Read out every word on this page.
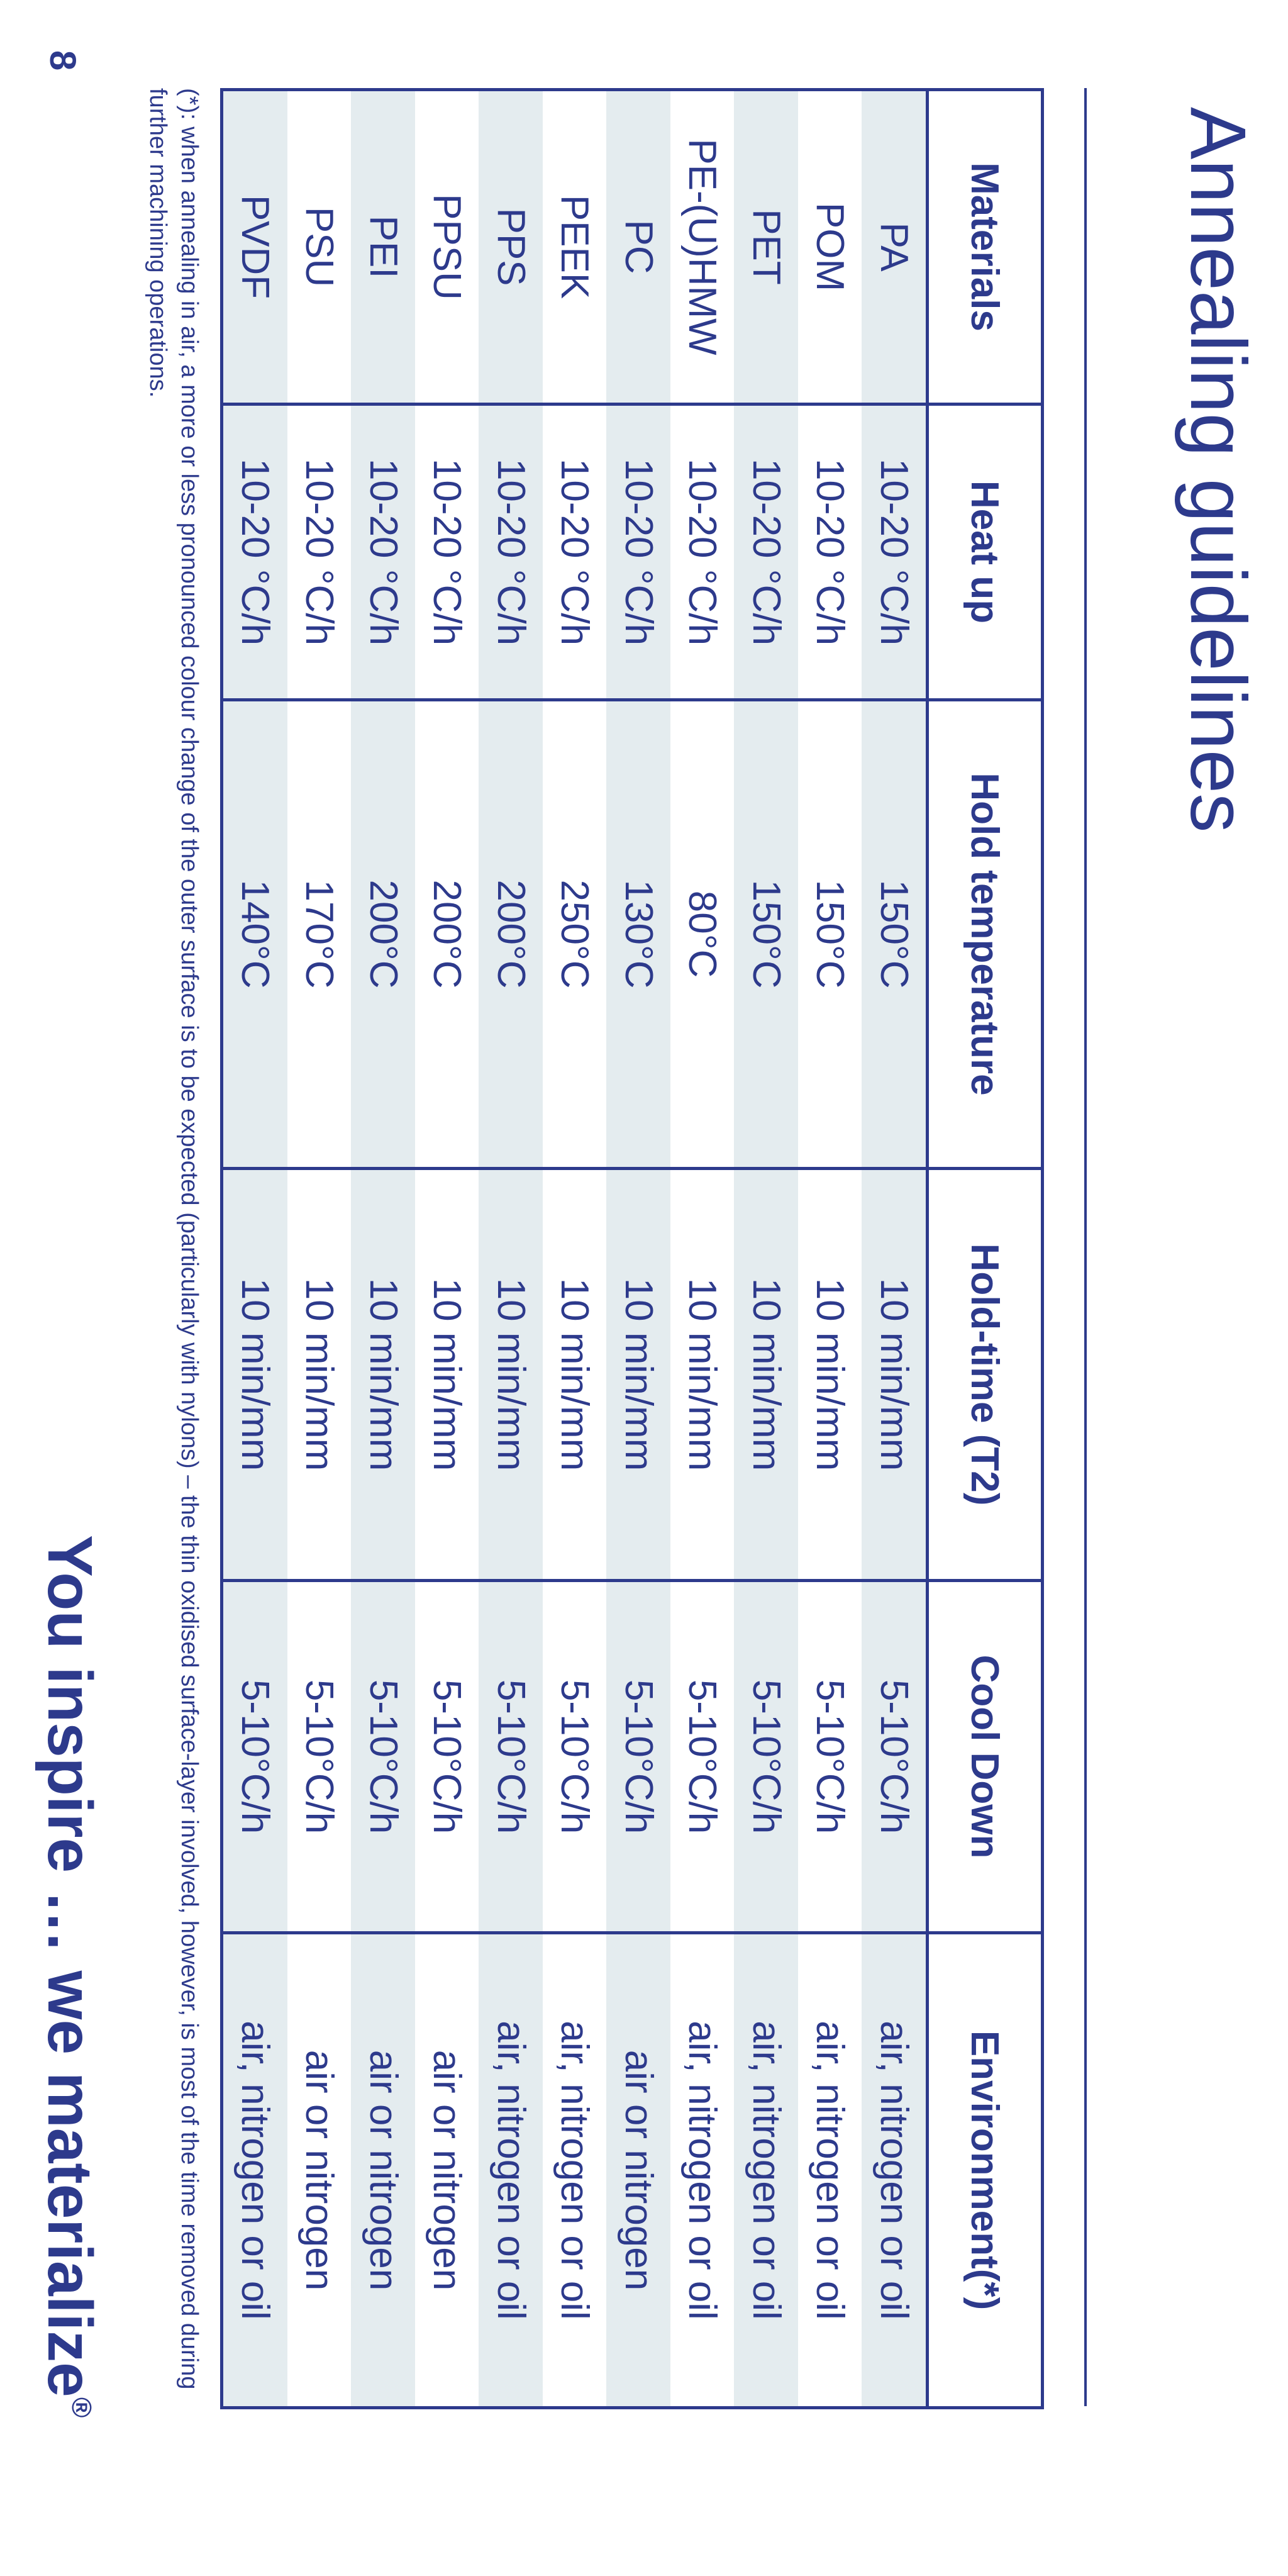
Annealing guidelines
Materials	Heat up	Hold temperature	Hold-time (T2)	Cool Down	Environment(*)
PA	10-20 °C/h	150°C	10 min/mm	5-10°C/h	air, nitrogen or oil
POM	10-20 °C/h	150°C	10 min/mm	5-10°C/h	air, nitrogen or oil
PET	10-20 °C/h	150°C	10 min/mm	5-10°C/h	air, nitrogen or oil
PE-(U)HMW	10-20 °C/h	80°C	10 min/mm	5-10°C/h	air, nitrogen or oil
PC	10-20 °C/h	130°C	10 min/mm	5-10°C/h	air or nitrogen
PEEK	10-20 °C/h	250°C	10 min/mm	5-10°C/h	air, nitrogen or oil
PPS	10-20 °C/h	200°C	10 min/mm	5-10°C/h	air, nitrogen or oil
PPSU	10-20 °C/h	200°C	10 min/mm	5-10°C/h	air or nitrogen
PEI	10-20 °C/h	200°C	10 min/mm	5-10°C/h	air or nitrogen
PSU	10-20 °C/h	170°C	10 min/mm	5-10°C/h	air or nitrogen
PVDF	10-20 °C/h	140°C	10 min/mm	5-10°C/h	air, nitrogen or oil

(*): when annealing in air, a more or less pronounced colour change of the outer surface is to be expected (particularly with nylons) – the thin oxidised surface-layer involved, however, is most of the time removed during further machining operations.

8
You inspire … we materialize®
